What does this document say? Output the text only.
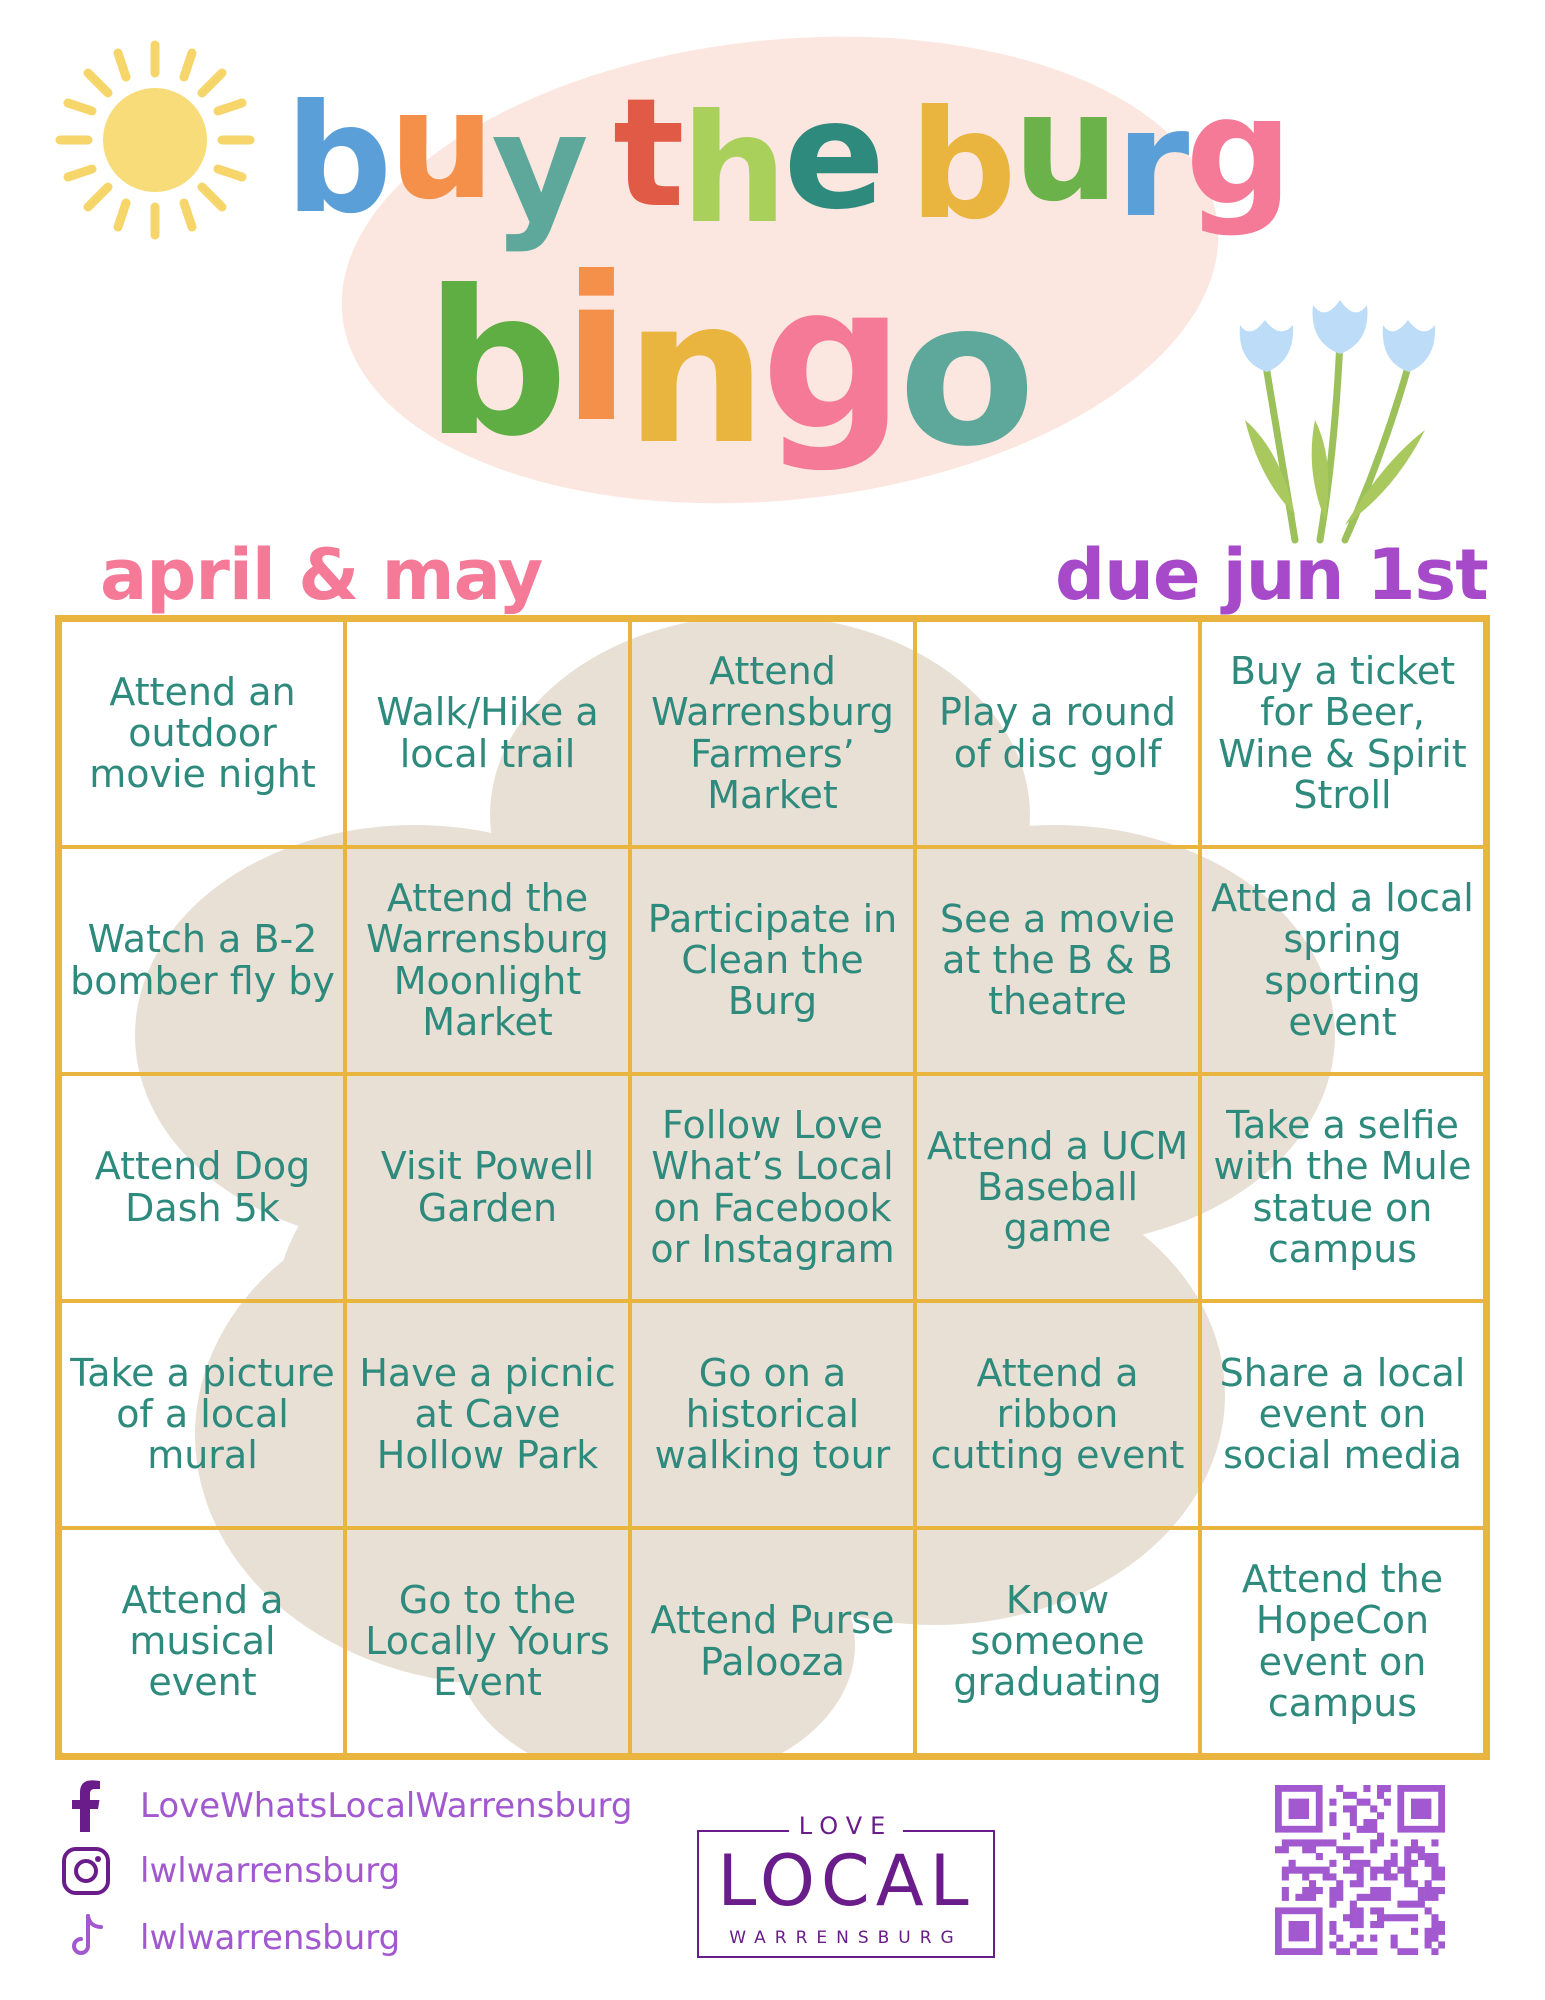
b u y t h e b u r g
b i n g o
april & may	due jun 1st
Attend an outdoor movie night
Walk/Hike a local trail
Attend Warrensburg Farmers’ Market
Play a round of disc golf
Buy a ticket for Beer, Wine & Spirit Stroll
Watch a B-2 bomber fly by
Attend the Warrensburg Moonlight Market
Participate in Clean the Burg
See a movie at the B & B theatre
Attend a local spring sporting event
Attend Dog Dash 5k
Visit Powell Garden
Follow Love What’s Local on Facebook or Instagram
Attend a UCM Baseball game
Take a selfie with the Mule statue on campus
Take a picture of a local mural
Have a picnic at Cave Hollow Park
Go on a historical walking tour
Attend a ribbon cutting event
Share a local event on social media
Attend a musical event
Go to the Locally Yours Event
Attend Purse Palooza
Know someone graduating
Attend the HopeCon event on campus
LoveWhatsLocalWarrensburg
lwlwarrensburg
lwlwarrensburg
LOVE
LOCAL
WARRENSBURG
